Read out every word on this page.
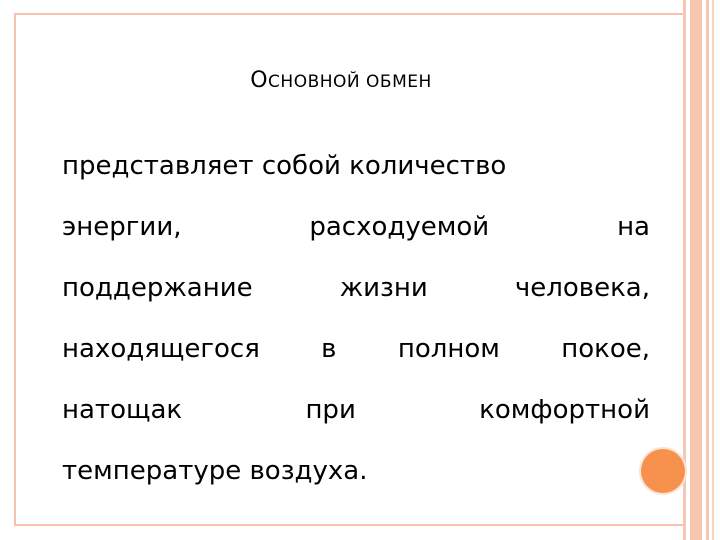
ОСНОВНОЙ ОБМЕН
представляет собой количество
энергии,	расходуемой	на
поддержание	жизни	человека,
находящегося в полном покое,
натощак	при	комфортной
температуре воздуха.
